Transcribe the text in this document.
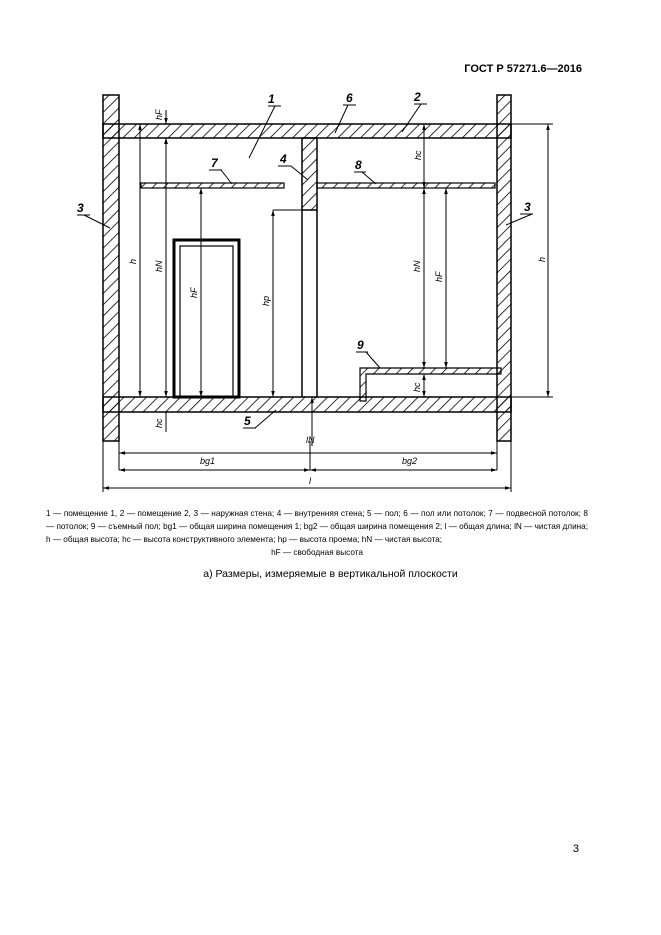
ГОСТ Р 57271.6—2016
1	2
3	3
4
5
6
7	8
9
hF
h hN
hF
hp
hc
hc
hN
hF
hc
h
lN
bg1	bg2
l
1 — помещение 1, 2 — помещение 2, 3 — наружная стена; 4 — внутренняя стена; 5 — пол; 6 — пол или потолок; 7 — подвесной потолок; 8 — потолок; 9 — съемный пол; bg1 — общая ширина помещения 1; bg2 — общая ширина помещения 2; l — общая длина; lN — чистая длина; h — общая высота; hc — высота конструктивного элемента; hp — высота проема; hN — чистая высота;
hF — свободная высота
а) Размеры, измеряемые в вертикальной плоскости
3
